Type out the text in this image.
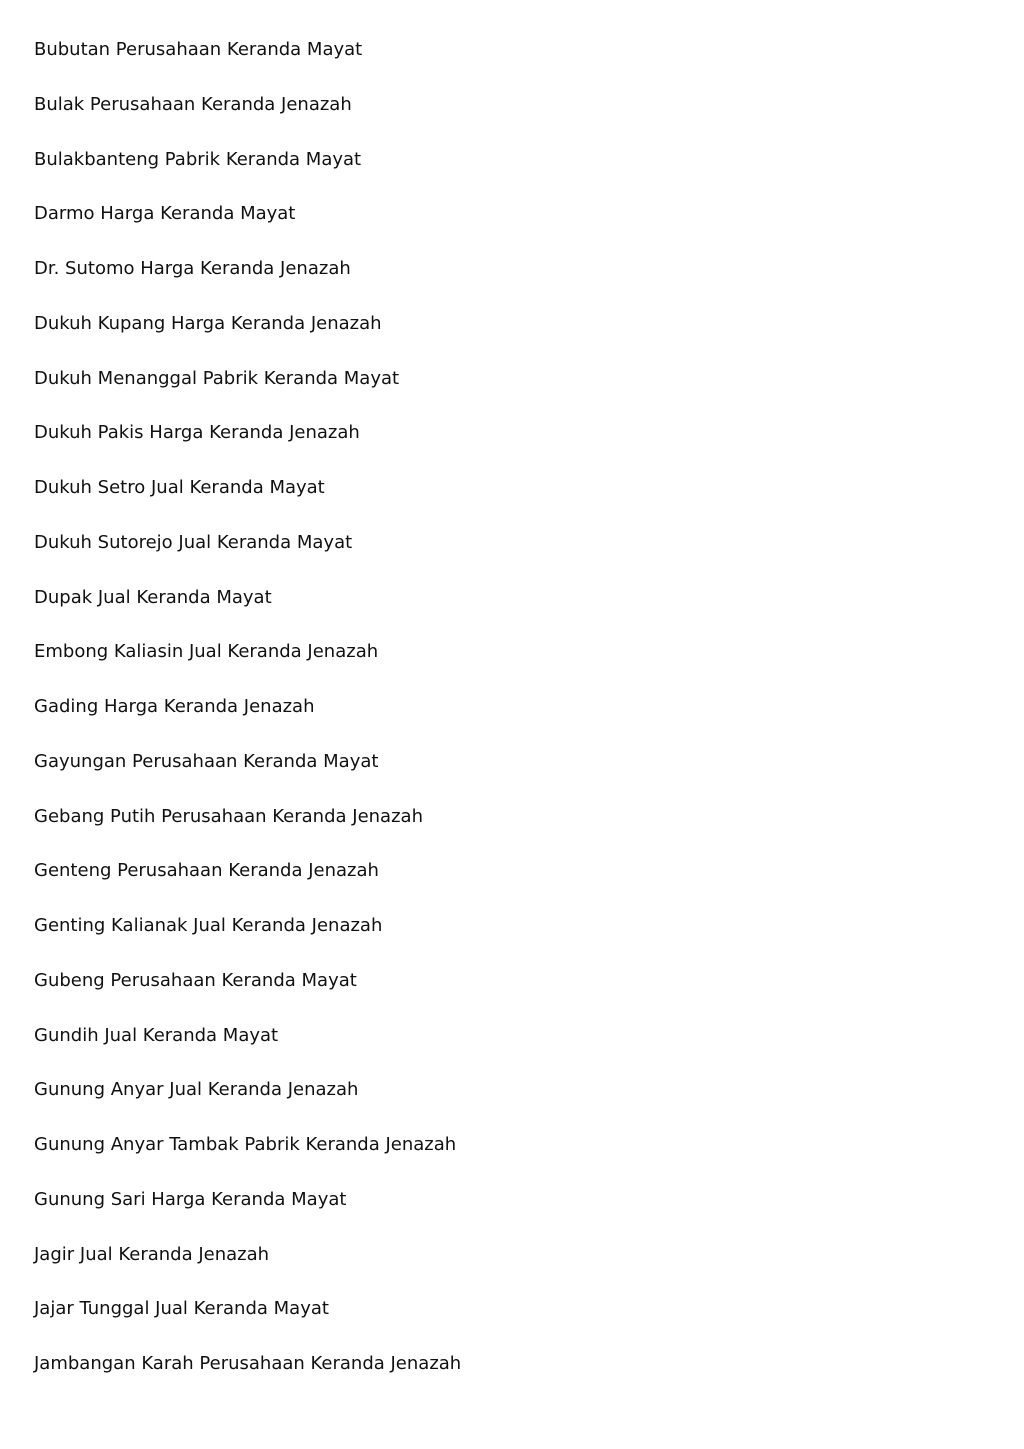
Bubutan Perusahaan Keranda Mayat
Bulak Perusahaan Keranda Jenazah
Bulakbanteng Pabrik Keranda Mayat
Darmo Harga Keranda Mayat
Dr. Sutomo Harga Keranda Jenazah
Dukuh Kupang Harga Keranda Jenazah
Dukuh Menanggal Pabrik Keranda Mayat
Dukuh Pakis Harga Keranda Jenazah
Dukuh Setro Jual Keranda Mayat
Dukuh Sutorejo Jual Keranda Mayat
Dupak Jual Keranda Mayat
Embong Kaliasin Jual Keranda Jenazah
Gading Harga Keranda Jenazah
Gayungan Perusahaan Keranda Mayat
Gebang Putih Perusahaan Keranda Jenazah
Genteng Perusahaan Keranda Jenazah
Genting Kalianak Jual Keranda Jenazah
Gubeng Perusahaan Keranda Mayat
Gundih Jual Keranda Mayat
Gunung Anyar Jual Keranda Jenazah
Gunung Anyar Tambak Pabrik Keranda Jenazah
Gunung Sari Harga Keranda Mayat
Jagir Jual Keranda Jenazah
Jajar Tunggal Jual Keranda Mayat
Jambangan Karah Perusahaan Keranda Jenazah
